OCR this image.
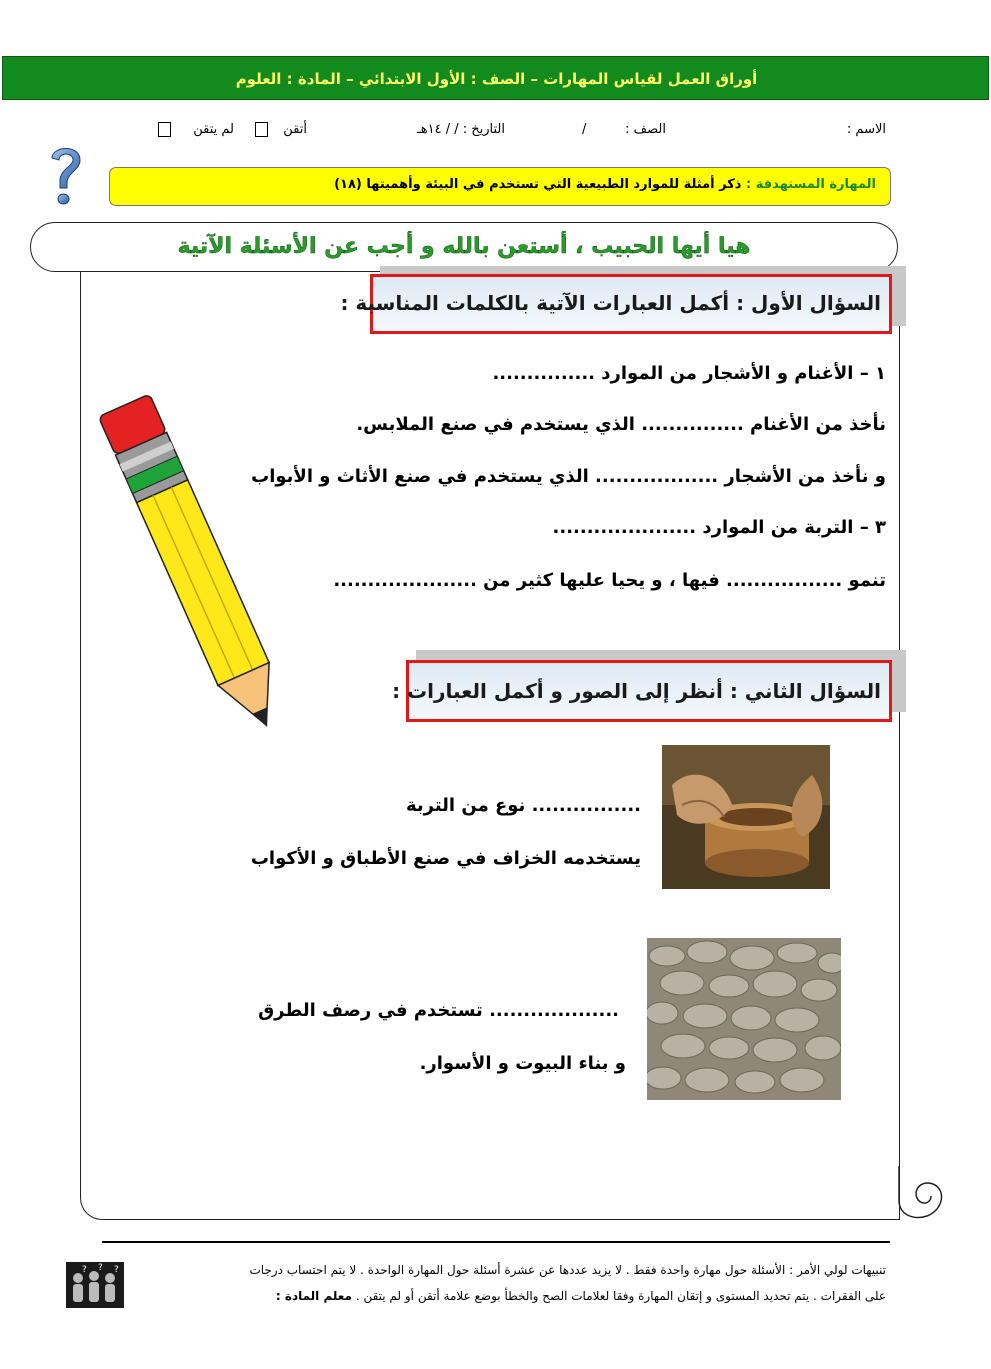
أوراق العمل لقياس المهارات – الصف : الأول الابتدائي – المادة : العلوم
الاسم :
الصف :
/
التاريخ : / / ١٤هـ
أتقن
لم يتقن
المهارة المستهدفة : ذكر أمثلة للموارد الطبيعية التي تستخدم في البيئة وأهميتها (١٨)
هيا أيها الحبيب ، أستعن بالله و أجب عن الأسئلة الآتية
السؤال الأول : أكمل العبارات الآتية بالكلمات المناسبة :
١ – الأغنام و الأشجار من الموارد ...............
نأخذ من الأغنام ............... الذي يستخدم في صنع الملابس.
و نأخذ من الأشجار .................. الذي يستخدم في صنع الأثاث و الأبواب
٣ – التربة من الموارد .....................
تنمو ................. فيها ، و يحيا عليها كثير من .....................
السؤال الثاني : أنظر إلى الصور و أكمل العبارات :
................ نوع من التربة
يستخدمه الخزاف في صنع الأطباق و الأكواب
................... تستخدم في رصف الطرق
و بناء البيوت و الأسوار.
تنبيهات لولي الأمر : الأسئلة حول مهارة واحدة فقط . لا يزيد عددها عن عشرة أسئلة حول المهارة الواحدة . لا يتم احتساب درجات
على الفقرات . يتم تحديد المستوى و إتقان المهارة وفقا لعلامات الصح والخطأ بوضع علامة أتقن أو لم يتقن . معلم المادة :
? ? ?
